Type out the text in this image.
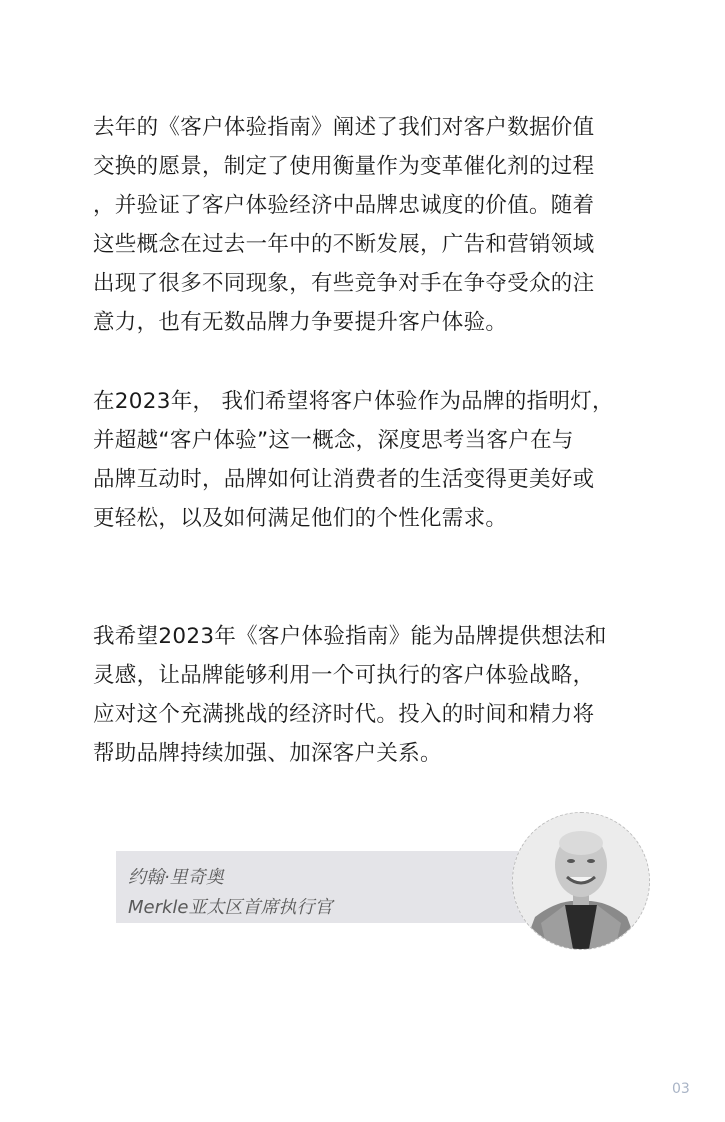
去年的《客户体验指南》阐述了我们对客户数据价值
交换的愿景，制定了使用衡量作为变革催化剂的过程
，并验证了客户体验经济中品牌忠诚度的价值。随着
这些概念在过去一年中的不断发展，广告和营销领域
出现了很多不同现象，有些竞争对手在争夺受众的注
意力，也有无数品牌力争要提升客户体验。
在2023年， 我们希望将客户体验作为品牌的指明灯，
并超越“客户体验”这一概念，深度思考当客户在与
品牌互动时，品牌如何让消费者的生活变得更美好或
更轻松，以及如何满足他们的个性化需求。
我希望2023年《客户体验指南》能为品牌提供想法和
灵感，让品牌能够利用一个可执行的客户体验战略，
应对这个充满挑战的经济时代。投入的时间和精力将
帮助品牌持续加强、加深客户关系。
约翰·里奇奥
Merkle亚太区首席执行官
03
